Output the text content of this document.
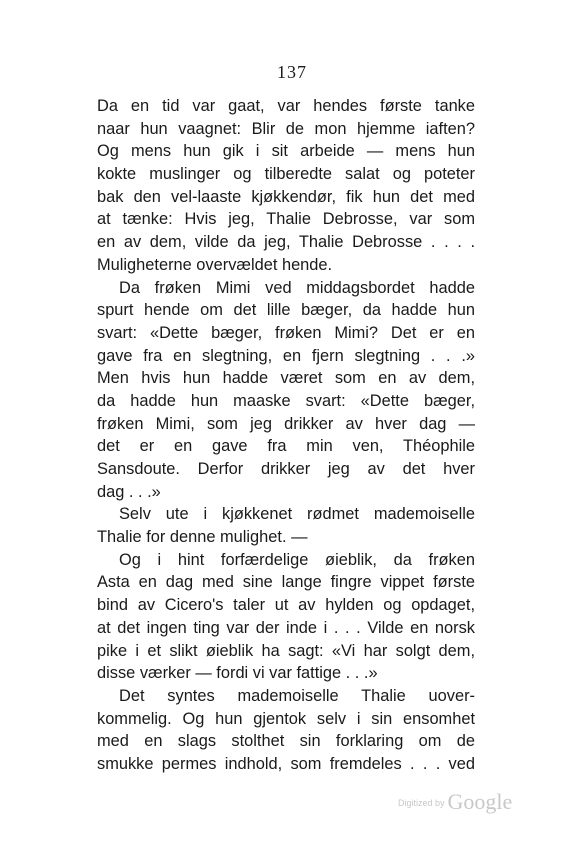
137
Da en tid var gaat, var hendes første tanke
naar hun vaagnet: Blir de mon hjemme iaften?
Og mens hun gik i sit arbeide — mens hun
kokte muslinger og tilberedte salat og poteter
bak den vel-laaste kjøkkendør, fik hun det med
at tænke: Hvis jeg, Thalie Debrosse, var som
en av dem, vilde da jeg, Thalie Debrosse . . . .
Muligheterne overvældet hende.
Da frøken Mimi ved middagsbordet hadde
spurt hende om det lille bæger, da hadde hun
svart: «Dette bæger, frøken Mimi? Det er en
gave fra en slegtning, en fjern slegtning . . .»
Men hvis hun hadde været som en av dem,
da hadde hun maaske svart: «Dette bæger,
frøken Mimi, som jeg drikker av hver dag —
det er en gave fra min ven, Théophile
Sansdoute. Derfor drikker jeg av det hver
dag . . .»
Selv ute i kjøkkenet rødmet mademoiselle
Thalie for denne mulighet. —
Og i hint forfærdelige øieblik, da frøken
Asta en dag med sine lange fingre vippet første
bind av Cicero's taler ut av hylden og opdaget,
at det ingen ting var der inde i . . . Vilde en norsk
pike i et slikt øieblik ha sagt: «Vi har solgt dem,
disse værker — fordi vi var fattige . . .»
Det syntes mademoiselle Thalie uover-
kommelig. Og hun gjentok selv i sin ensomhet
med en slags stolthet sin forklaring om de
smukke permes indhold, som fremdeles . . . ved
Digitized by Google
